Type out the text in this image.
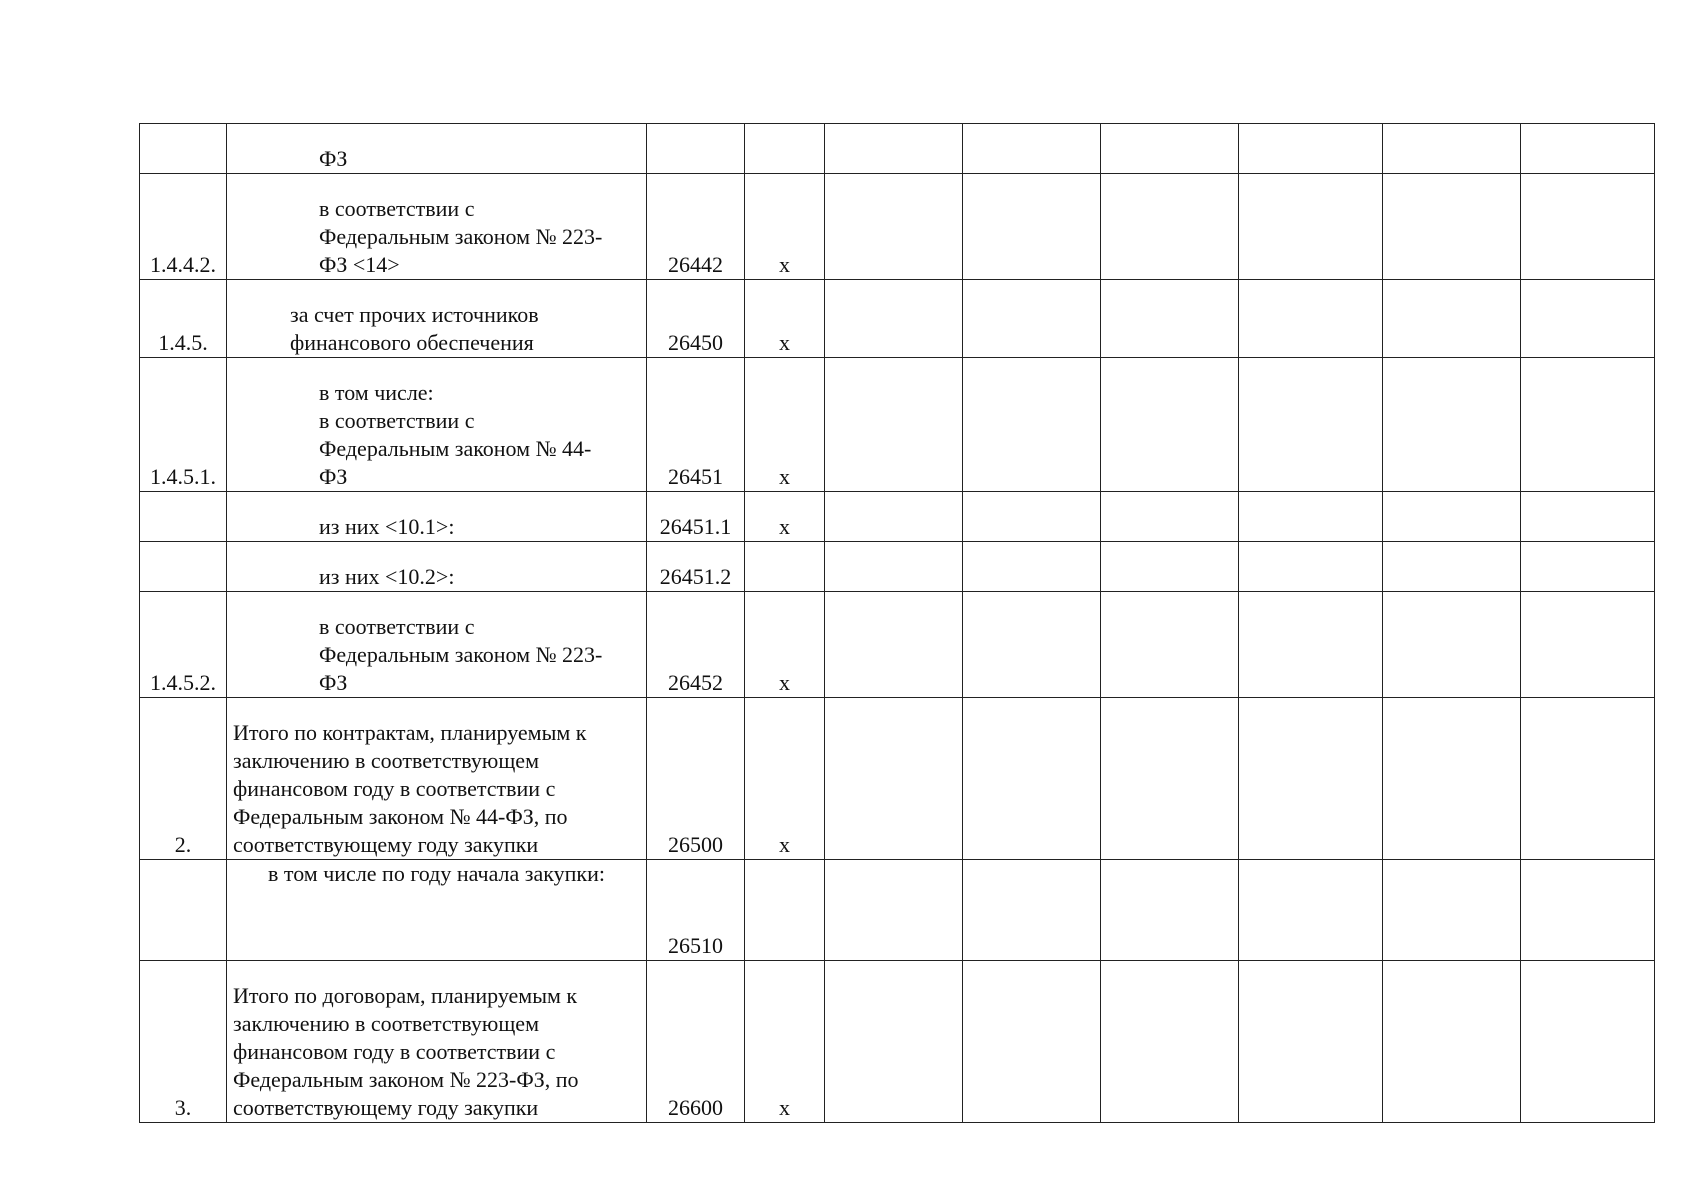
	ФЗ								

1.4.4.2.	в соответствии с
Федеральным законом № 223-
ФЗ <14>	26442	x						
1.4.5.	за счет прочих источников
финансового обеспечения	26450	x						
1.4.5.1.	в том числе:
в соответствии с
Федеральным законом № 44-
ФЗ	26451	x						

	из них <10.1>:	26451.1	x						

	из них <10.2>:	26451.2							
1.4.5.2.	в соответствии с
Федеральным законом № 223-
ФЗ	26452	x						
2.	Итого по контрактам, планируемым к
заключению в соответствующем
финансовом году в соответствии с
Федеральным законом № 44-ФЗ, по
соответствующему году закупки	26500	x						

	в том числе по году начала закупки:	26510							
3.	Итого по договорам, планируемым к
заключению в соответствующем
финансовом году в соответствии с
Федеральным законом № 223-ФЗ, по
соответствующему году закупки	26600	x						
